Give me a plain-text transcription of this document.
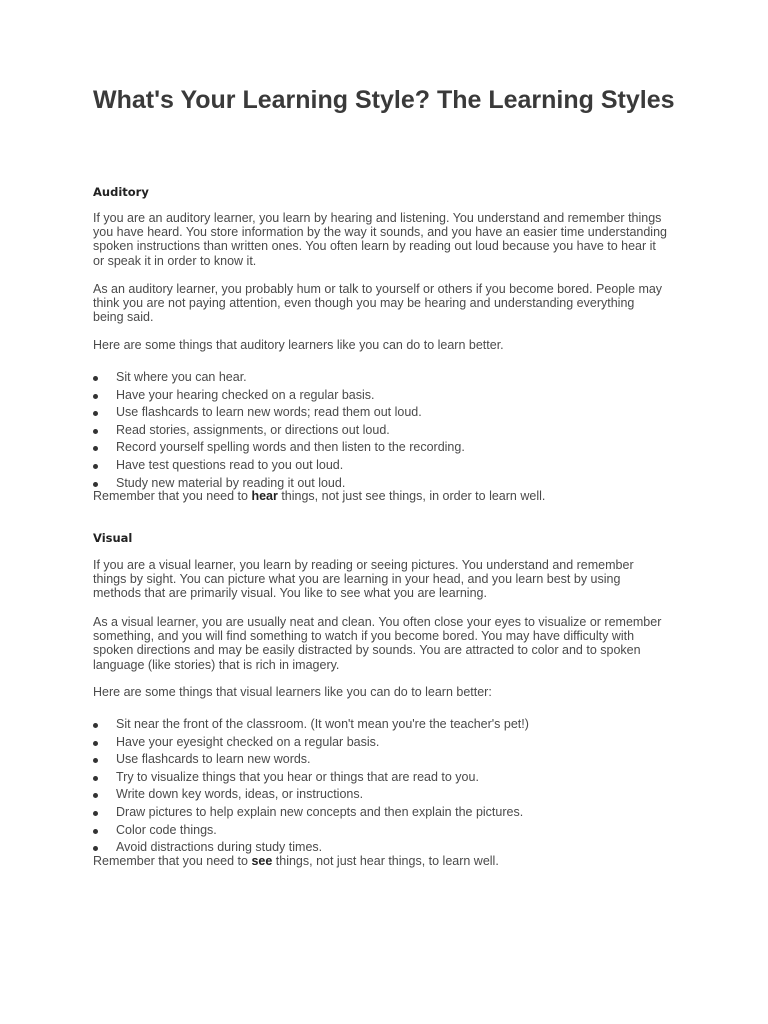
What's Your Learning Style? The Learning Styles
Auditory

If you are an auditory learner, you learn by hearing and listening. You understand and remember things you have heard. You store information by the way it sounds, and you have an easier time understanding spoken instructions than written ones. You often learn by reading out loud because you have to hear it or speak it in order to know it.

As an auditory learner, you probably hum or talk to yourself or others if you become bored. People may think you are not paying attention, even though you may be hearing and understanding everything being said.

Here are some things that auditory learners like you can do to learn better.

Sit where you can hear.
Have your hearing checked on a regular basis.
Use flashcards to learn new words; read them out loud.
Read stories, assignments, or directions out loud.
Record yourself spelling words and then listen to the recording.
Have test questions read to you out loud.
Study new material by reading it out loud.

Remember that you need to hear things, not just see things, in order to learn well.

Visual

If you are a visual learner, you learn by reading or seeing pictures. You understand and remember things by sight. You can picture what you are learning in your head, and you learn best by using methods that are primarily visual. You like to see what you are learning.

As a visual learner, you are usually neat and clean. You often close your eyes to visualize or remember something, and you will find something to watch if you become bored. You may have difficulty with spoken directions and may be easily distracted by sounds. You are attracted to color and to spoken language (like stories) that is rich in imagery.

Here are some things that visual learners like you can do to learn better:

Sit near the front of the classroom. (It won't mean you're the teacher's pet!)
Have your eyesight checked on a regular basis.
Use flashcards to learn new words.
Try to visualize things that you hear or things that are read to you.
Write down key words, ideas, or instructions.
Draw pictures to help explain new concepts and then explain the pictures.
Color code things.
Avoid distractions during study times.

Remember that you need to see things, not just hear things, to learn well.
